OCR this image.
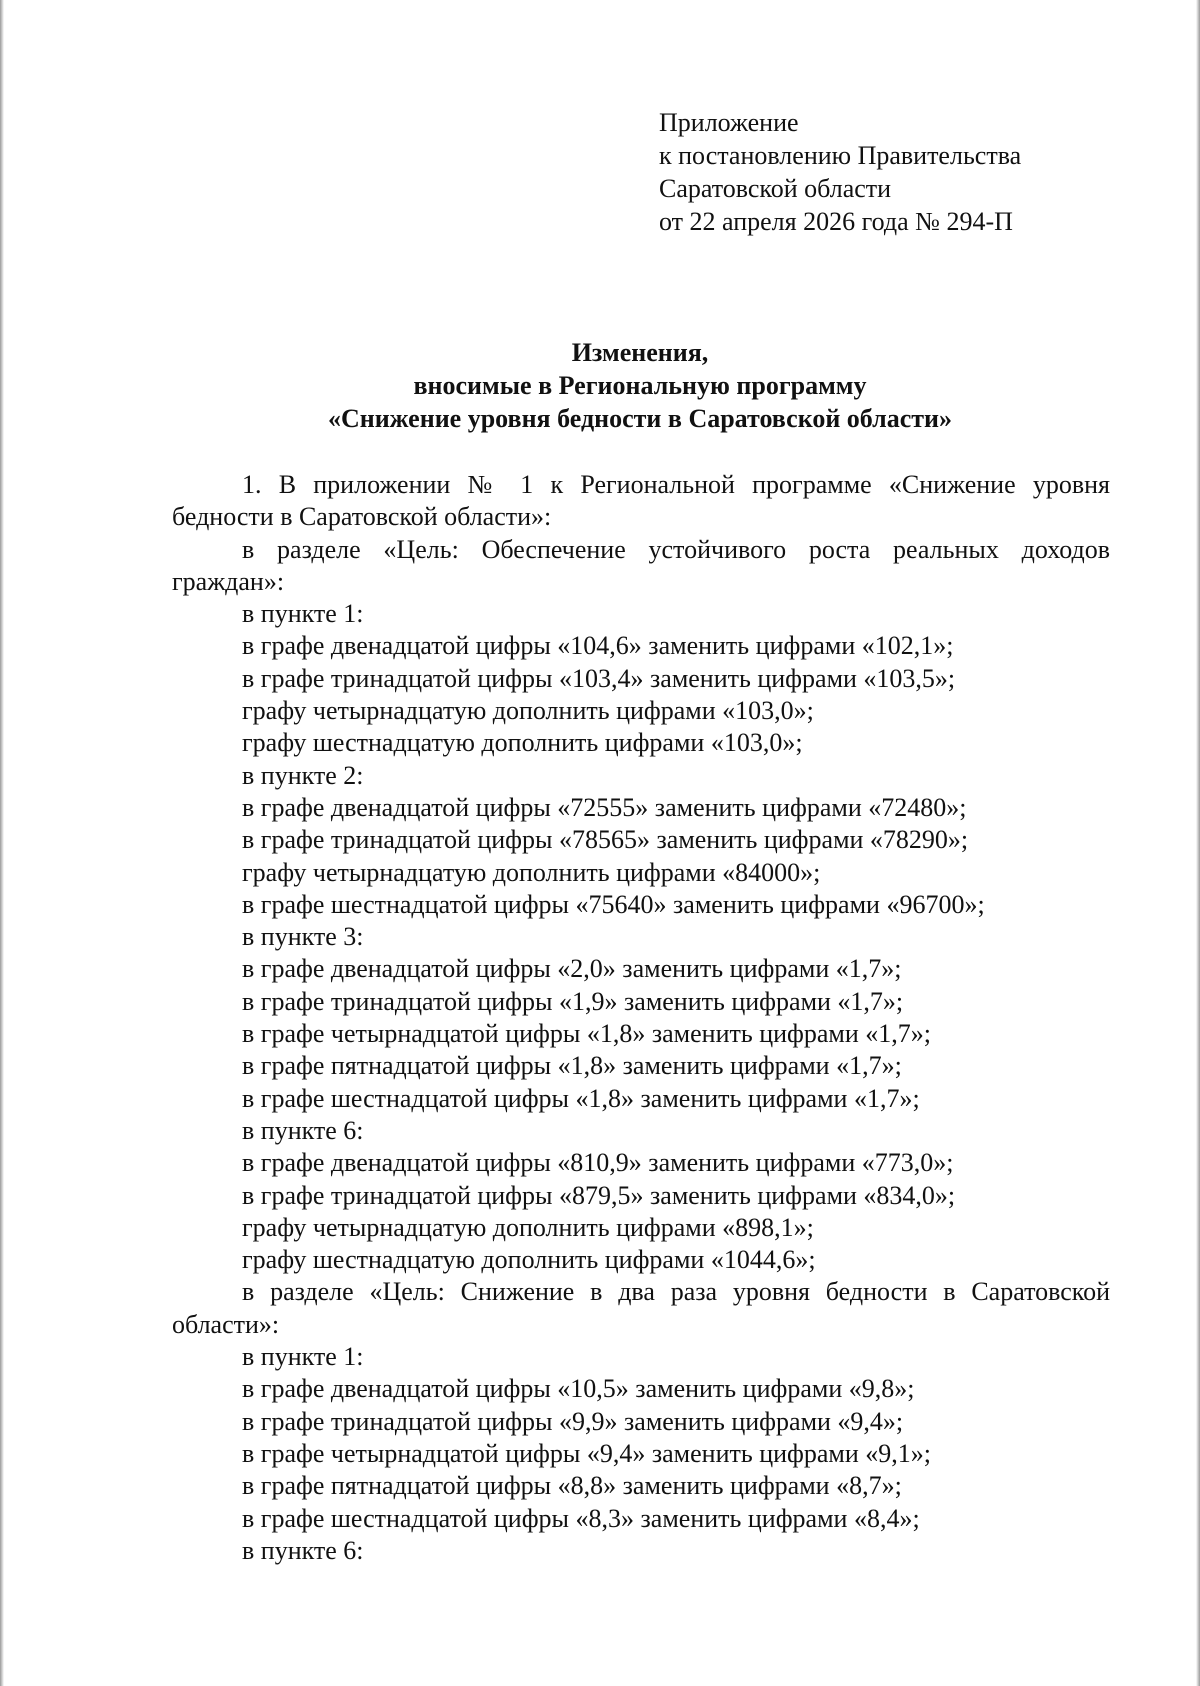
Приложение
к постановлению Правительства
Саратовской области
от 22 апреля 2026 года № 294-П
Изменения,
вносимые в Региональную программу
«Снижение уровня бедности в Саратовской области»
1. В приложении № 1 к Региональной программе «Снижение уровня
бедности в Саратовской области»:
в разделе «Цель: Обеспечение устойчивого роста реальных доходов
граждан»:
в пункте 1:
в графе двенадцатой цифры «104,6» заменить цифрами «102,1»;
в графе тринадцатой цифры «103,4» заменить цифрами «103,5»;
графу четырнадцатую дополнить цифрами «103,0»;
графу шестнадцатую дополнить цифрами «103,0»;
в пункте 2:
в графе двенадцатой цифры «72555» заменить цифрами «72480»;
в графе тринадцатой цифры «78565» заменить цифрами «78290»;
графу четырнадцатую дополнить цифрами «84000»;
в графе шестнадцатой цифры «75640» заменить цифрами «96700»;
в пункте 3:
в графе двенадцатой цифры «2,0» заменить цифрами «1,7»;
в графе тринадцатой цифры «1,9» заменить цифрами «1,7»;
в графе четырнадцатой цифры «1,8» заменить цифрами «1,7»;
в графе пятнадцатой цифры «1,8» заменить цифрами «1,7»;
в графе шестнадцатой цифры «1,8» заменить цифрами «1,7»;
в пункте 6:
в графе двенадцатой цифры «810,9» заменить цифрами «773,0»;
в графе тринадцатой цифры «879,5» заменить цифрами «834,0»;
графу четырнадцатую дополнить цифрами «898,1»;
графу шестнадцатую дополнить цифрами «1044,6»;
в разделе «Цель: Снижение в два раза уровня бедности в Саратовской
области»:
в пункте 1:
в графе двенадцатой цифры «10,5» заменить цифрами «9,8»;
в графе тринадцатой цифры «9,9» заменить цифрами «9,4»;
в графе четырнадцатой цифры «9,4» заменить цифрами «9,1»;
в графе пятнадцатой цифры «8,8» заменить цифрами «8,7»;
в графе шестнадцатой цифры «8,3» заменить цифрами «8,4»;
в пункте 6:
